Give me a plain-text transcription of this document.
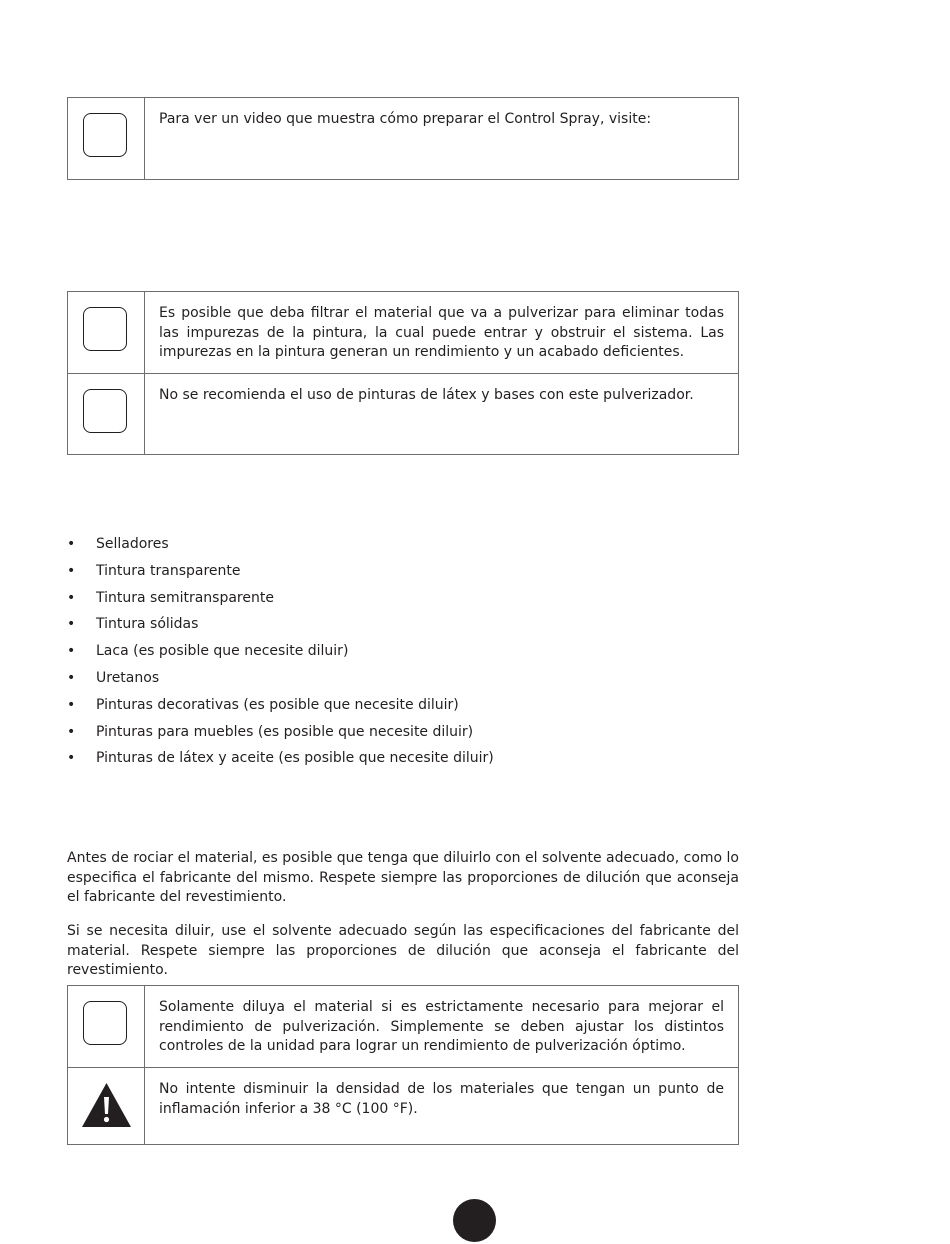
Para ver un video que muestra cómo preparar el Control Spray, visite:
Es posible que deba filtrar el material que va a pulverizar para eliminar todas las impurezas de la pintura, la cual puede entrar y obstruir el sistema. Las impurezas en la pintura generan un rendimiento y un acabado deficientes.
No se recomienda el uso de pinturas de látex y bases con este pulverizador.
• Selladores
• Tintura transparente
• Tintura semitransparente
• Tintura sólidas
• Laca (es posible que necesite diluir)
• Uretanos
• Pinturas decorativas (es posible que necesite diluir)
• Pinturas para muebles (es posible que necesite diluir)
• Pinturas de látex y aceite (es posible que necesite diluir)

Antes de rociar el material, es posible que tenga que diluirlo con el solvente adecuado, como lo especifica el fabricante del mismo. Respete siempre las proporciones de dilución que aconseja el fabricante del revestimiento.

Si se necesita diluir, use el solvente adecuado según las especificaciones del fabricante del material. Respete siempre las proporciones de dilución que aconseja el fabricante del revestimiento.

Solamente diluya el material si es estrictamente necesario para mejorar el rendimiento de pulverización. Simplemente se deben ajustar los distintos controles de la unidad para lograr un rendimiento de pulverización óptimo.
No intente disminuir la densidad de los materiales que tengan un punto de inflamación inferior a 38 °C (100 °F).
